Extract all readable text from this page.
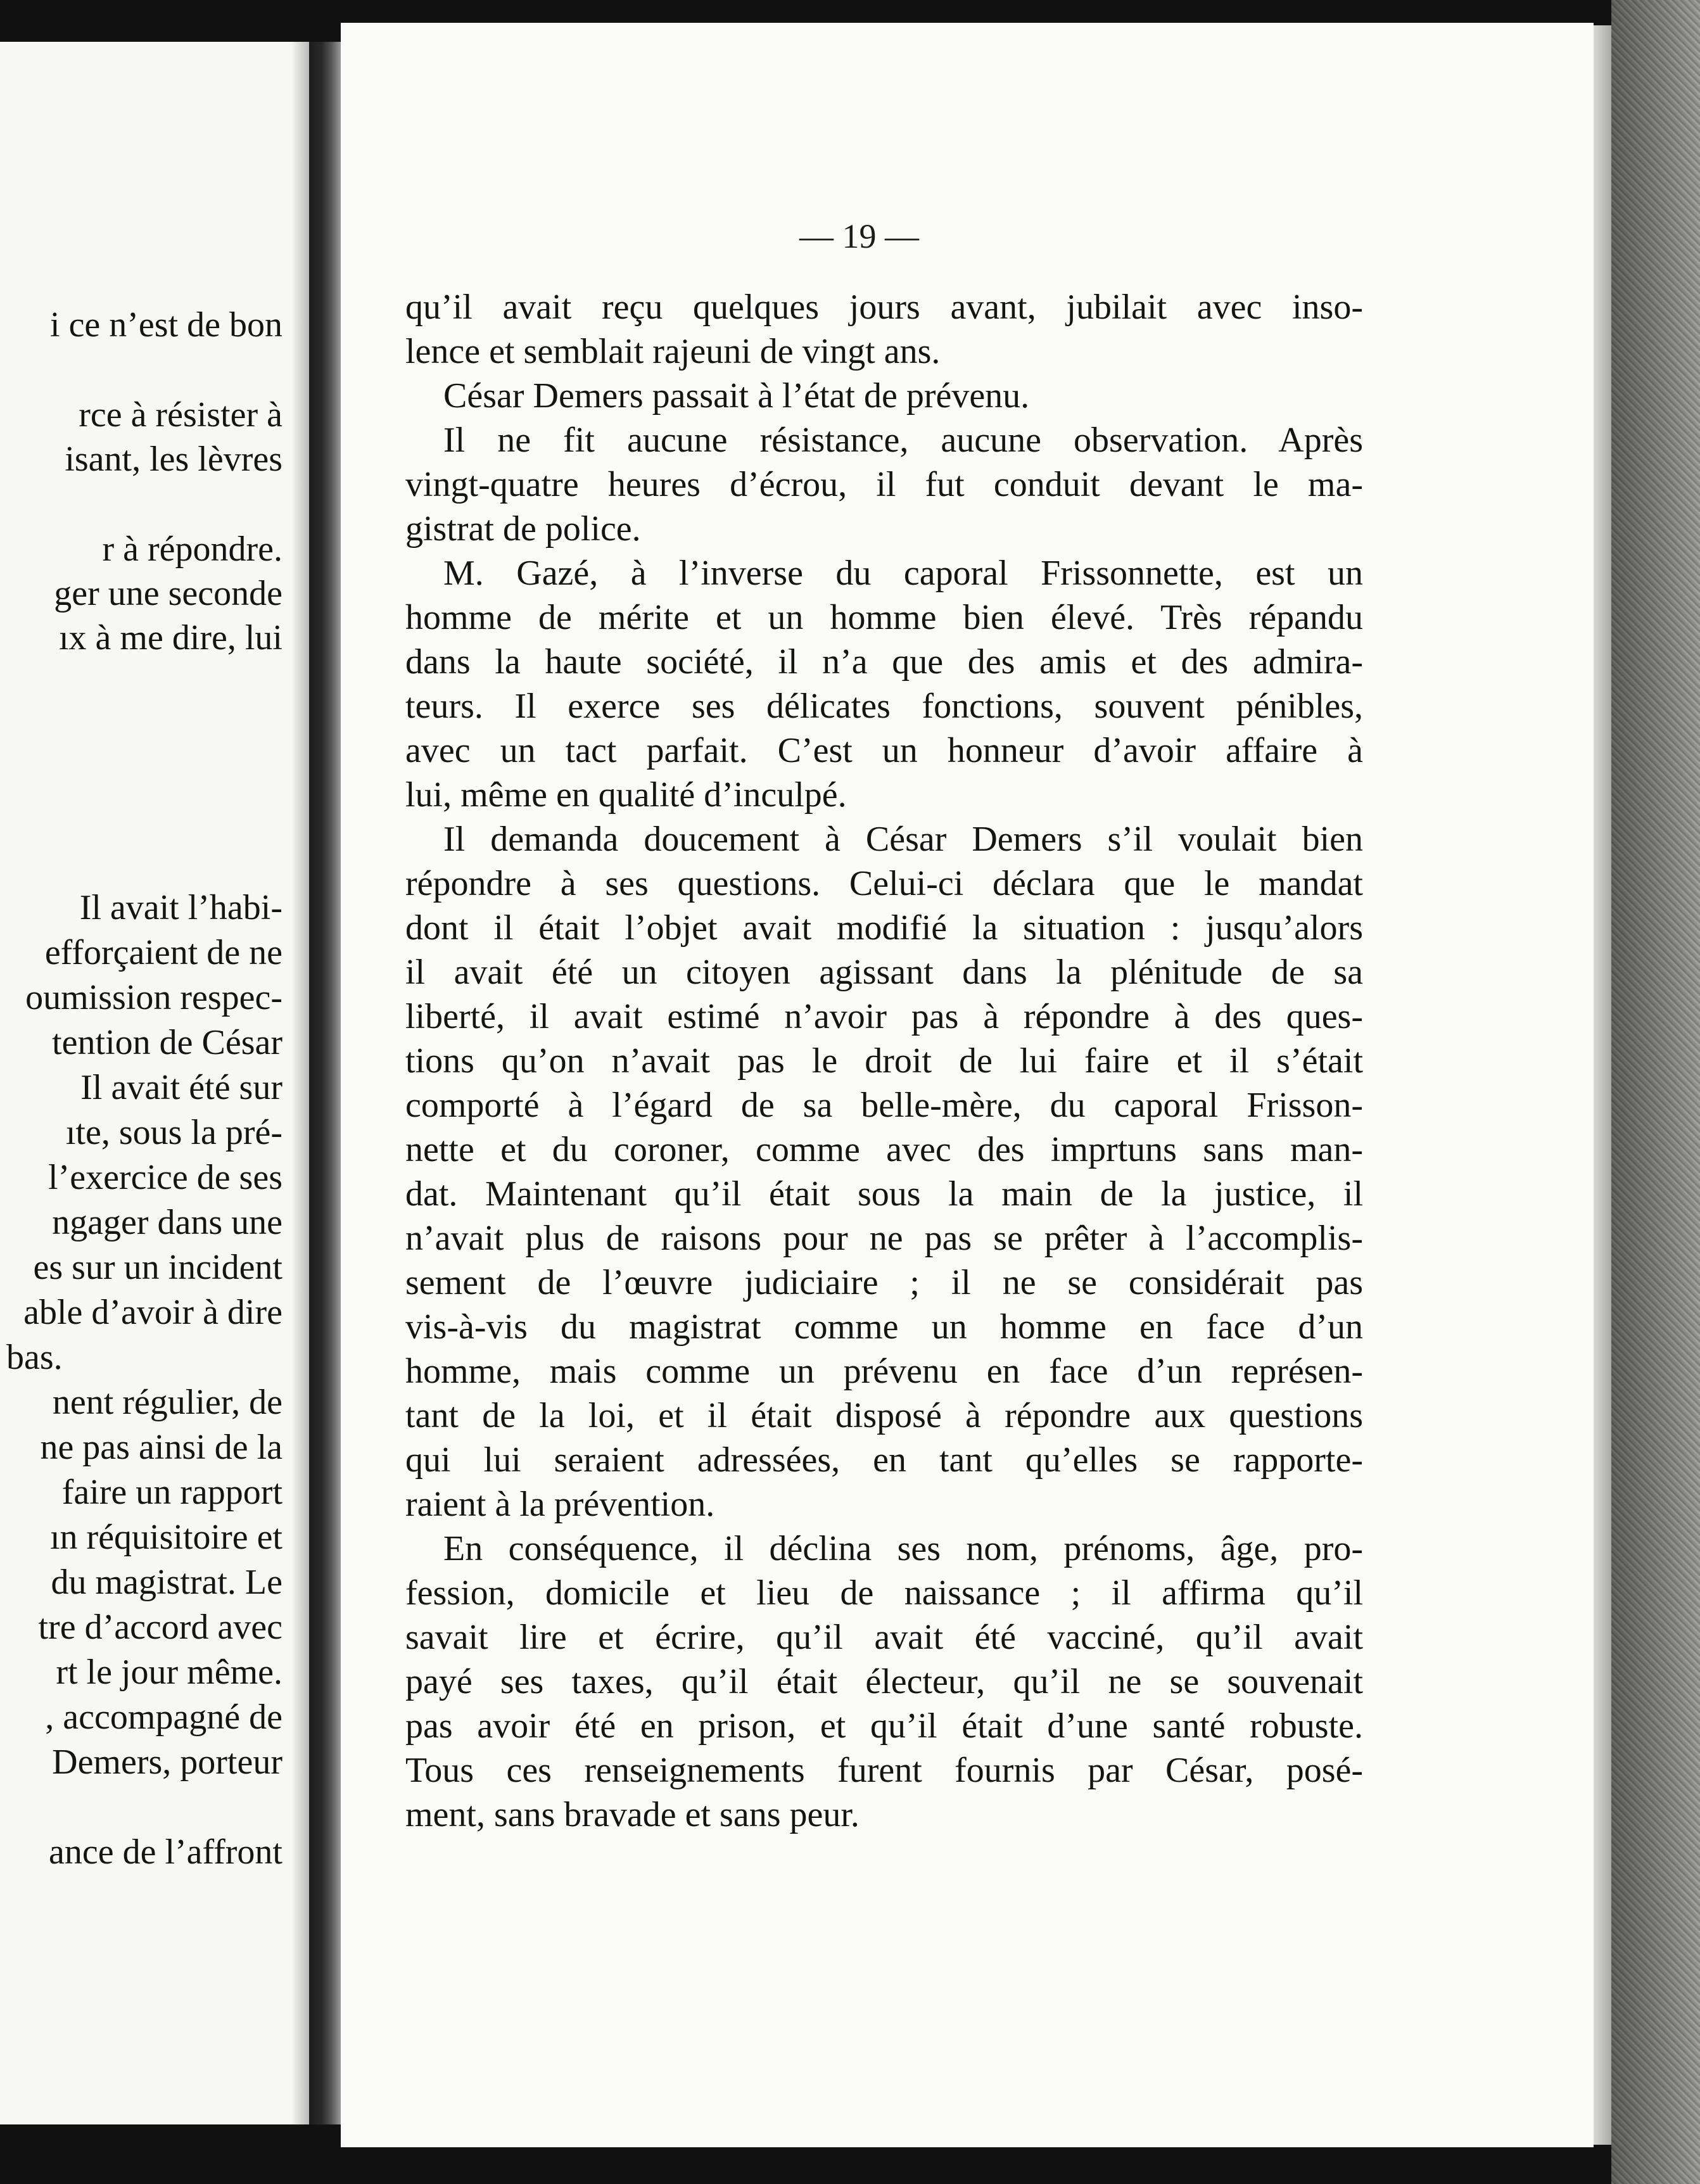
i ce n’est de bon
rce à résister à
isant, les lèvres
r à répondre.
ger une seconde
ıx à me dire, lui
Il avait l’habi-
efforçaient de ne
oumission respec-
tention de César
Il avait été sur
ıte, sous la pré-
l’exercice de ses
ngager dans une
es sur un incident
able d’avoir à dire
bas.
nent régulier, de
ne pas ainsi de la
faire un rapport
ın réquisitoire et
du magistrat. Le
tre d’accord avec
rt le jour même.
, accompagné de
Demers, porteur
ance de l’affront
— 19 —
qu’il avait reçu quelques jours avant, jubilait avec inso-
lence et semblait rajeuni de vingt ans.
César Demers passait à l’état de prévenu.
Il ne fit aucune résistance, aucune observation. Après
vingt-quatre heures d’écrou, il fut conduit devant le ma-
gistrat de police.
M. Gazé, à l’inverse du caporal Frissonnette, est un
homme de mérite et un homme bien élevé. Très répandu
dans la haute société, il n’a que des amis et des admira-
teurs. Il exerce ses délicates fonctions, souvent pénibles,
avec un tact parfait. C’est un honneur d’avoir affaire à
lui, même en qualité d’inculpé.
Il demanda doucement à César Demers s’il voulait bien
répondre à ses questions. Celui-ci déclara que le mandat
dont il était l’objet avait modifié la situation : jusqu’alors
il avait été un citoyen agissant dans la plénitude de sa
liberté, il avait estimé n’avoir pas à répondre à des ques-
tions qu’on n’avait pas le droit de lui faire et il s’était
comporté à l’égard de sa belle-mère, du caporal Frisson-
nette et du coroner, comme avec des imprtuns sans man-
dat. Maintenant qu’il était sous la main de la justice, il
n’avait plus de raisons pour ne pas se prêter à l’accomplis-
sement de l’œuvre judiciaire ; il ne se considérait pas
vis-à-vis du magistrat comme un homme en face d’un
homme, mais comme un prévenu en face d’un représen-
tant de la loi, et il était disposé à répondre aux questions
qui lui seraient adressées, en tant qu’elles se rapporte-
raient à la prévention.
En conséquence, il déclina ses nom, prénoms, âge, pro-
fession, domicile et lieu de naissance ; il affirma qu’il
savait lire et écrire, qu’il avait été vacciné, qu’il avait
payé ses taxes, qu’il était électeur, qu’il ne se souvenait
pas avoir été en prison, et qu’il était d’une santé robuste.
Tous ces renseignements furent fournis par César, posé-
ment, sans bravade et sans peur.
